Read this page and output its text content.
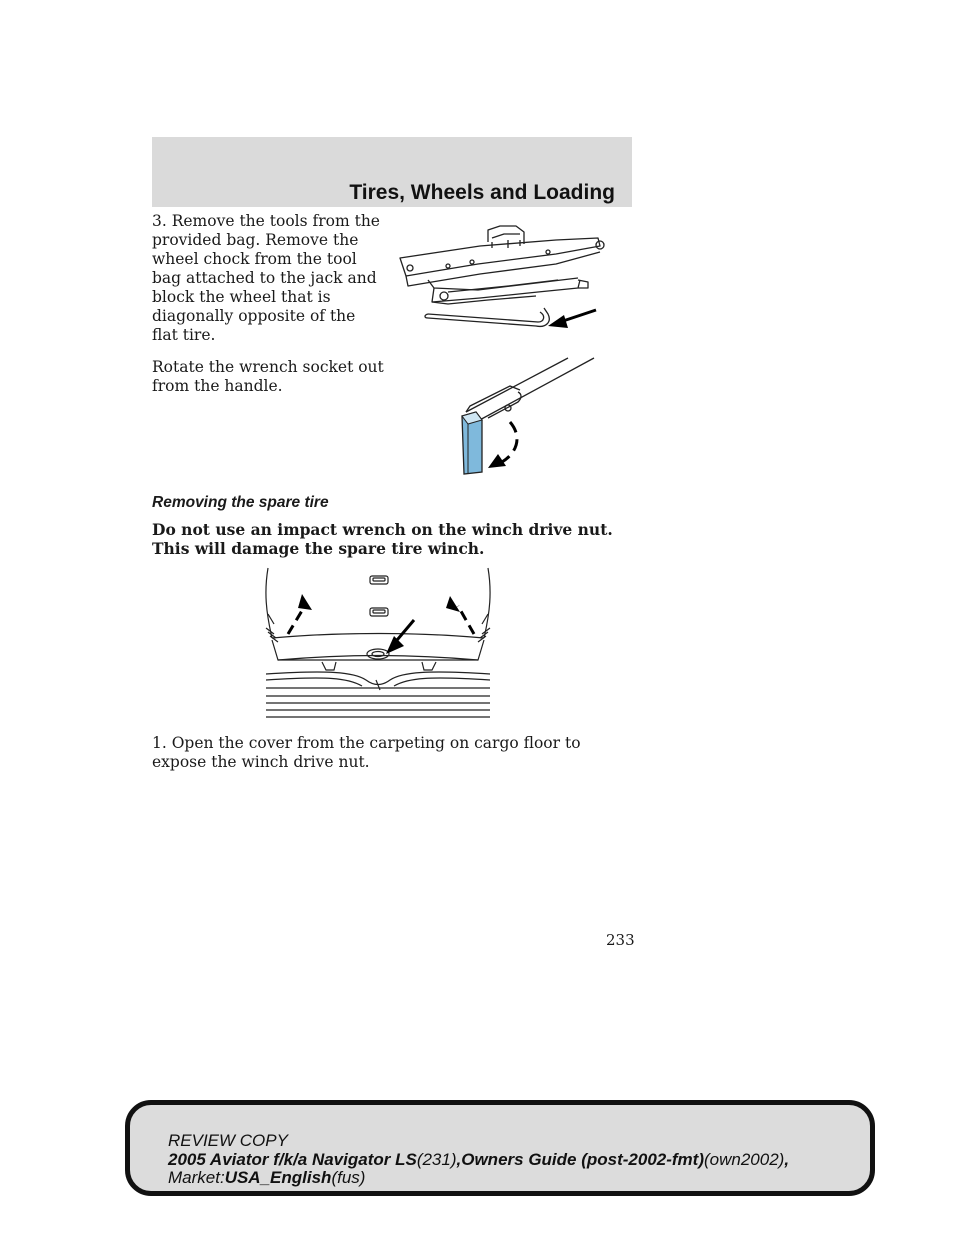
Tires, Wheels and Loading
3. Remove the tools from the provided bag. Remove the wheel chock from the tool bag attached to the jack and block the wheel that is diagonally opposite of the flat tire.
Rotate the wrench socket out from the handle.
Removing the spare tire
Do not use an impact wrench on the winch drive nut. This will damage the spare tire winch.
1. Open the cover from the carpeting on cargo floor to expose the winch drive nut.
233
REVIEW COPY
2005 Aviator f/k/a Navigator LS(231),Owners Guide (post-2002-fmt)(own2002),
Market:USA_English(fus)
